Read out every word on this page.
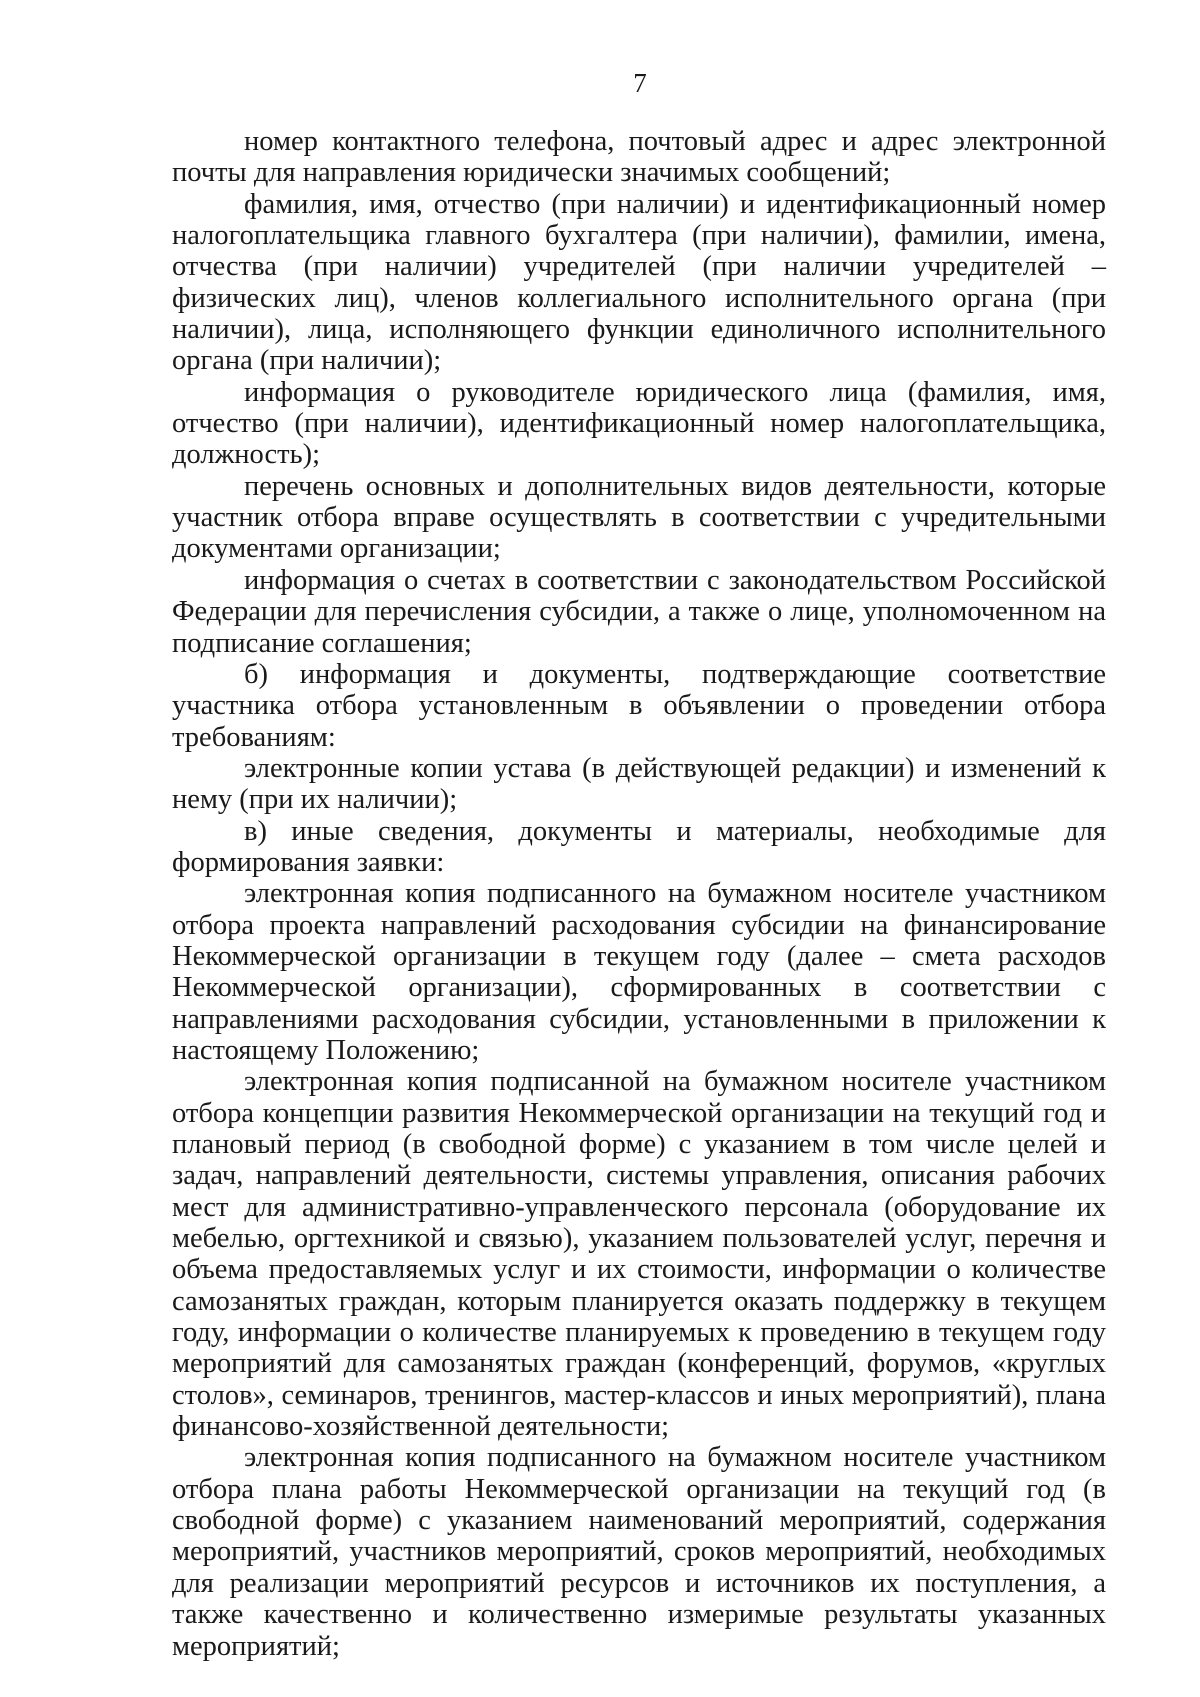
7

номер контактного телефона, почтовый адрес и адрес электронной почты для направления юридически значимых сообщений;

фамилия, имя, отчество (при наличии) и идентификационный номер налогоплательщика главного бухгалтера (при наличии), фамилии, имена, отчества (при наличии) учредителей (при наличии учредителей – физических лиц), членов коллегиального исполнительного органа (при наличии), лица, исполняющего функции единоличного исполнительного органа (при наличии);

информация о руководителе юридического лица (фамилия, имя, отчество (при наличии), идентификационный номер налогоплательщика, должность);

перечень основных и дополнительных видов деятельности, которые участник отбора вправе осуществлять в соответствии с учредительными документами организации;

информация о счетах в соответствии с законодательством Российской Федерации для перечисления субсидии, а также о лице, уполномоченном на подписание соглашения;

б) информация и документы, подтверждающие соответствие участника отбора установленным в объявлении о проведении отбора требованиям:

электронные копии устава (в действующей редакции) и изменений к нему (при их наличии);

в) иные сведения, документы и материалы, необходимые для формирования заявки:

электронная копия подписанного на бумажном носителе участником отбора проекта направлений расходования субсидии на финансирование Некоммерческой организации в текущем году (далее – смета расходов Некоммерческой организации), сформированных в соответствии с направлениями расходования субсидии, установленными в приложении к настоящему Положению;

электронная копия подписанной на бумажном носителе участником отбора концепции развития Некоммерческой организации на текущий год и плановый период (в свободной форме) с указанием в том числе целей и задач, направлений деятельности, системы управления, описания рабочих мест для административно-управленческого персонала (оборудование их мебелью, оргтехникой и связью), указанием пользователей услуг, перечня и объема предоставляемых услуг и их стоимости, информации о количестве самозанятых граждан, которым планируется оказать поддержку в текущем году, информации о количестве планируемых к проведению в текущем году мероприятий для самозанятых граждан (конференций, форумов, «круглых столов», семинаров, тренингов, мастер-классов и иных мероприятий), плана финансово-хозяйственной деятельности;

электронная копия подписанного на бумажном носителе участником отбора плана работы Некоммерческой организации на текущий год (в свободной форме) с указанием наименований мероприятий, содержания мероприятий, участников мероприятий, сроков мероприятий, необходимых для реализации мероприятий ресурсов и источников их поступления, а также качественно и количественно измеримые результаты указанных мероприятий;
